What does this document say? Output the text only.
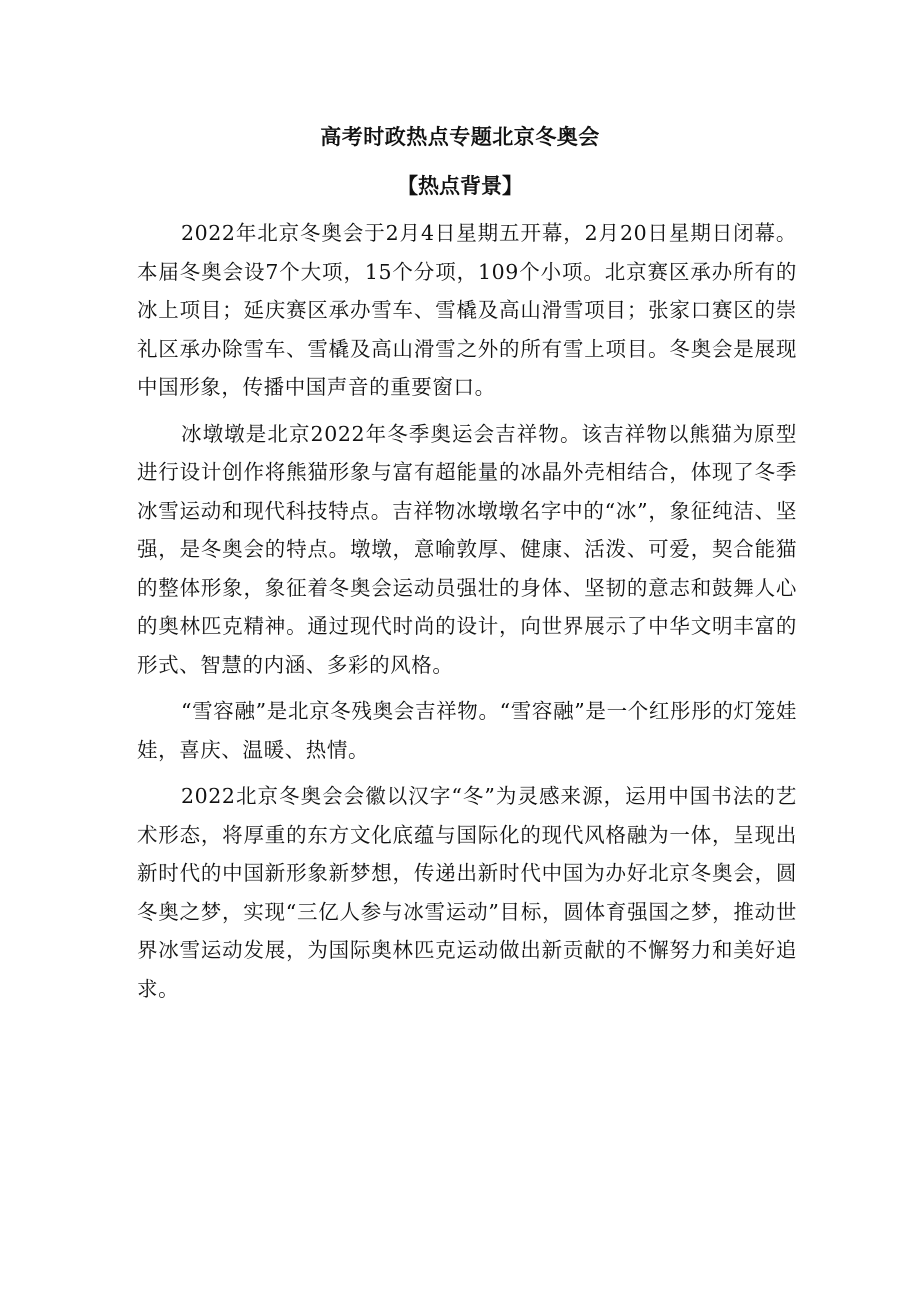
高考时政热点专题北京冬奥会
【热点背景】

2022年北京冬奥会于2月4日星期五开幕，2月20日星期日闭幕。本届冬奥会设7个大项，15个分项，109个小项。北京赛区承办所有的冰上项目；延庆赛区承办雪车、雪橇及高山滑雪项目；张家口赛区的崇礼区承办除雪车、雪橇及高山滑雪之外的所有雪上项目。冬奥会是展现中国形象，传播中国声音的重要窗口。

冰墩墩是北京2022年冬季奥运会吉祥物。该吉祥物以熊猫为原型进行设计创作将熊猫形象与富有超能量的冰晶外壳相结合，体现了冬季冰雪运动和现代科技特点。吉祥物冰墩墩名字中的“冰”，象征纯洁、坚强，是冬奥会的特点。墩墩，意喻敦厚、健康、活泼、可爱，契合能猫的整体形象，象征着冬奥会运动员强壮的身体、坚韧的意志和鼓舞人心的奥林匹克精神。通过现代时尚的设计，向世界展示了中华文明丰富的形式、智慧的内涵、多彩的风格。

“雪容融”是北京冬残奥会吉祥物。“雪容融”是一个红彤彤的灯笼娃娃，喜庆、温暖、热情。

2022北京冬奥会会徽以汉字“冬”为灵感来源，运用中国书法的艺术形态，将厚重的东方文化底蕴与国际化的现代风格融为一体，呈现出新时代的中国新形象新梦想，传递出新时代中国为办好北京冬奥会，圆冬奥之梦，实现“三亿人参与冰雪运动”目标，圆体育强国之梦，推动世界冰雪运动发展，为国际奥林匹克运动做出新贡献的不懈努力和美好追求。
